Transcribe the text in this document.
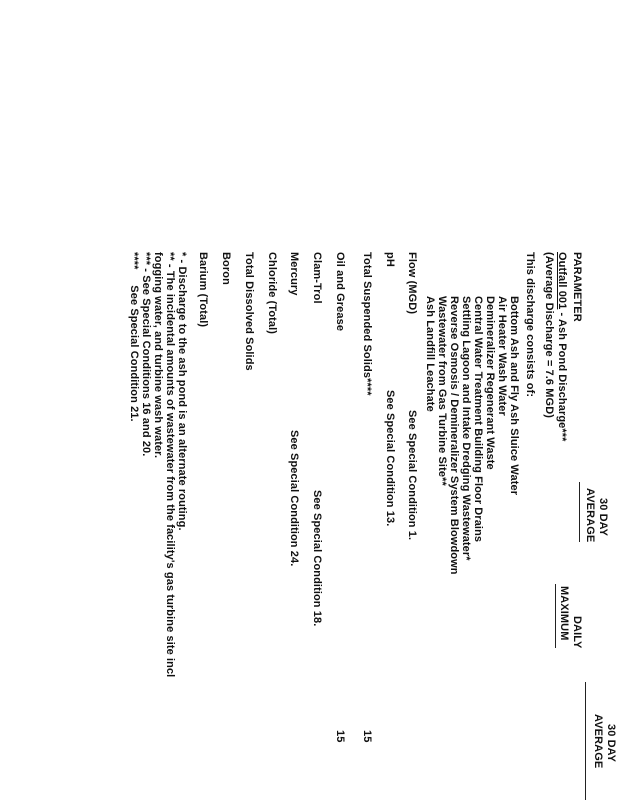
PARAMETER
30 DAY
AVERAGE
DAILY
MAXIMUM
30 DAY
AVERAGE
Outfall 001 - Ash Pond Discharge***
(Average Discharge = 7.6 MGD)
This discharge consists of:
Bottom Ash and Fly Ash Sluice Water
Air Heater Wash Water
Demineralizer Regenerant Waste
Central Water Treatment Building Floor Drains
Settling Lagoon and Intake Dredging Wastewater*
Reverse Osmosis / Demineralizer System Blowdown
Wastewater from Gas Turbine Site**
Ash Landfill Leachate
Flow (MGD)
See Special Condition 1.
pH
See Special Condition 13.
Total Suspended Solids****
15
Oil and Grease
15
Clam-Trol
See Special Condition 18.
Mercury
See Special Condition 24.
Chloride (Total)
Total Dissolved Solids
Boron
Barium (Total)
* - Discharge to the ash pond is an alternate routing.
** - The incidental amounts of wastewater from the facility's gas turbine site incl
fogging water, and turbine wash water.
*** - See Special Conditions 16 and 20.
****     See Special Condition 21.
